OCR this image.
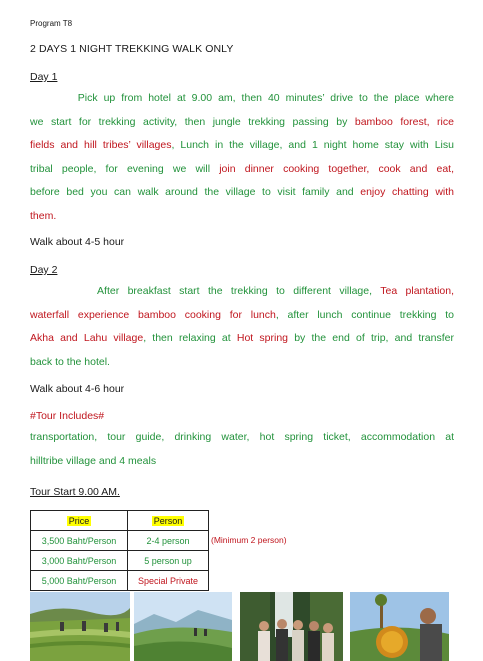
Program T8
2 DAYS 1 NIGHT TREKKING WALK ONLY
Day 1
Pick up from hotel at 9.00 am, then 40 minutes’ drive to the place where
we start for trekking activity, then jungle trekking passing by bamboo forest, rice
fields and hill tribes’ villages, Lunch in the village, and 1 night home stay with Lisu
tribal people, for evening we will join dinner cooking together, cook and eat,
before bed you can walk around the village to visit family and enjoy chatting with
them.
Walk about 4-5 hour
Day 2
After breakfast start the trekking to different village, Tea plantation,
waterfall experience bamboo cooking for lunch, after lunch continue trekking to
Akha and Lahu village, then relaxing at Hot spring by the end of trip, and transfer
back to the hotel.
Walk about 4-6 hour
#Tour Includes#
transportation, tour guide, drinking water, hot spring ticket, accommodation at
hilltribe village and 4 meals
Tour Start 9.00 AM.
Price	Person
3,500 Baht/Person	2-4 person
3,000 Baht/Person	5 person up
5,000 Baht/Person	Special Private
(Minimum 2 person)
